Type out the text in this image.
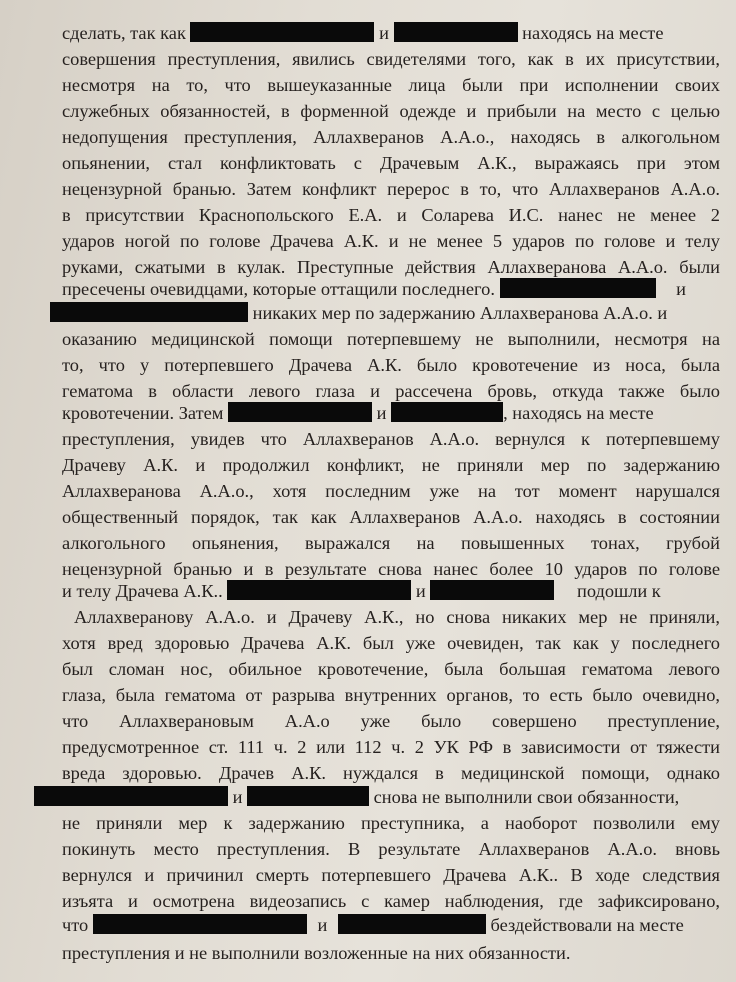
сделать, так как	и	находясь на месте
совершения преступления, явились свидетелями того, как в их присутствии,
несмотря на то, что вышеуказанные лица были при исполнении своих
служебных обязанностей, в форменной одежде и прибыли на место с целью
недопущения преступления, Аллахверанов А.А.о., находясь в алкогольном
опьянении, стал конфликтовать с Драчевым А.К., выражаясь при этом
нецензурной бранью. Затем конфликт перерос в то, что Аллахверанов А.А.о.
в присутствии Краснопольского Е.А. и Соларева И.С. нанес не менее 2
ударов ногой по голове Драчева А.К. и не менее 5 ударов по голове и телу
руками, сжатыми в кулак. Преступные действия Аллахверанова А.А.о. были
пресечены очевидцами, которые оттащили последнего.	и
никаких мер по задержанию Аллахверанова А.А.о. и
оказанию медицинской помощи потерпевшему не выполнили, несмотря на
то, что у потерпевшего Драчева А.К. было кровотечение из носа, была
гематома в области левого глаза и рассечена бровь, откуда также было
кровотечении. Затем	и	, находясь на месте
преступления, увидев что Аллахверанов А.А.о. вернулся к потерпевшему
Драчеву А.К. и продолжил конфликт, не приняли мер по задержанию
Аллахверанова А.А.о., хотя последним уже на тот момент нарушался
общественный порядок, так как Аллахверанов А.А.о. находясь в состоянии
алкогольного опьянения, выражался на повышенных тонах, грубой
нецензурной бранью и в результате снова нанес более 10 ударов по голове
и телу Драчева А.К..	и	подошли к
Аллахверанову А.А.о. и Драчеву А.К., но снова никаких мер не приняли,
хотя вред здоровью Драчева А.К. был уже очевиден, так как у последнего
был сломан нос, обильное кровотечение, была большая гематома левого
глаза, была гематома от разрыва внутренних органов, то есть было очевидно,
что Аллахверановым А.А.о уже было совершено преступление,
предусмотренное ст. 111 ч. 2 или 112 ч. 2 УК РФ в зависимости от тяжести
вреда здоровью. Драчев А.К. нуждался в медицинской помощи, однако
и	снова не выполнили свои обязанности,
не приняли мер к задержанию преступника, а наоборот позволили ему
покинуть место преступления. В результате Аллахверанов А.А.о. вновь
вернулся и причинил смерть потерпевшего Драчева А.К.. В ходе следствия
изъята и осмотрена видеозапись с камер наблюдения, где зафиксировано,
что	и	бездействовали на месте
преступления и не выполнили возложенные на них обязанности.
